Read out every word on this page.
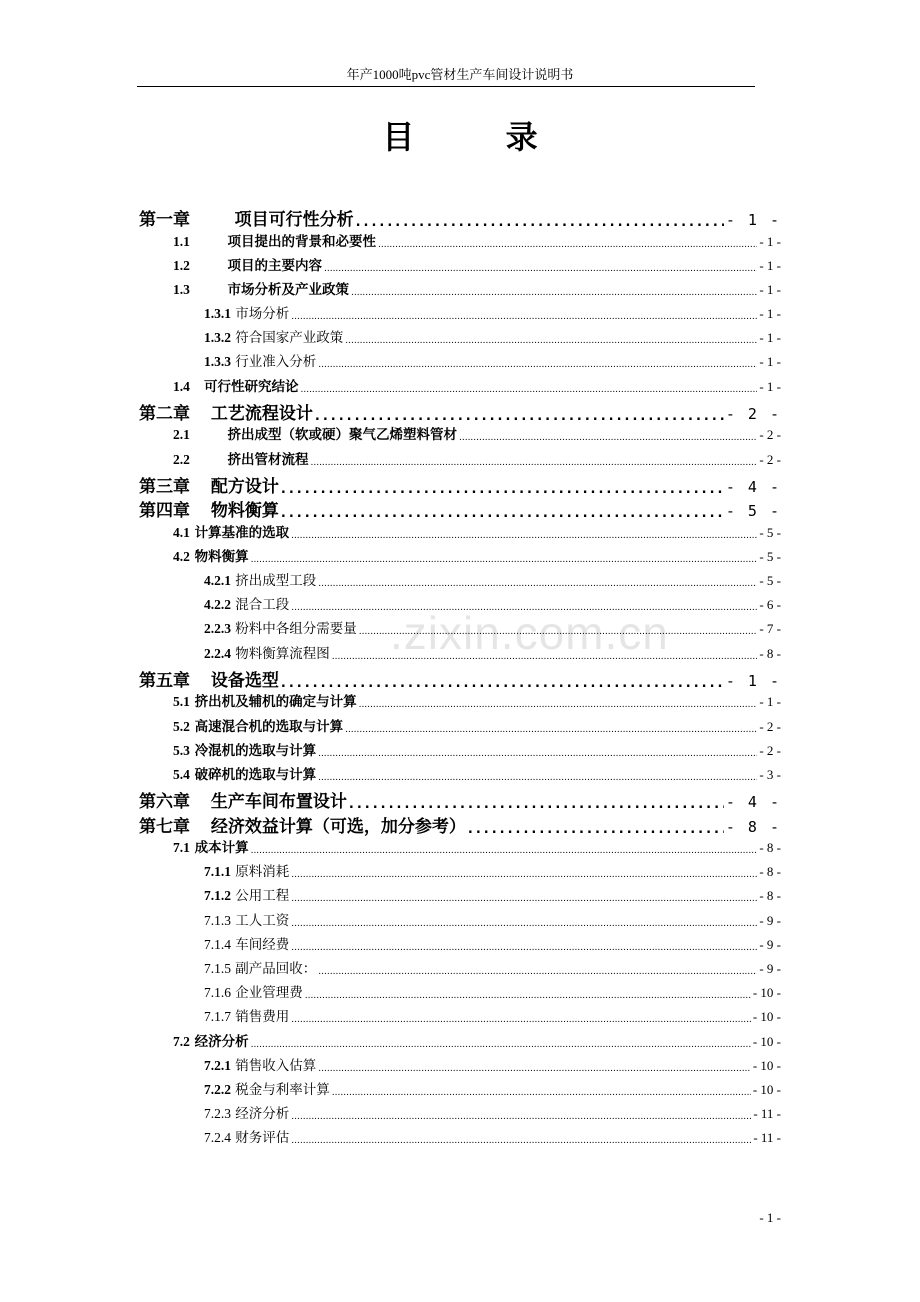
年产1000吨pvc管材生产车间设计说明书
目 录
.zixin.com.cn
第一章	项目可行性分析 .....	- 1 -
1.1	项目提出的背景和必要性 .....	- 1 -
1.2	项目的主要内容 .....	- 1 -
1.3	市场分析及产业政策 .....	- 1 -
1.3.1 市场分析 .....	- 1 -
1.3.2 符合国家产业政策 .....	- 1 -
1.3.3 行业准入分析 .....	- 1 -
1.4 可行性研究结论 .....	- 1 -
第二章 工艺流程设计 .....	- 2 -
2.1	挤出成型（软或硬）聚气乙烯塑料管材 .....	- 2 -
2.2	挤出管材流程 .....	- 2 -
第三章 配方设计 .....	- 4 -
第四章 物料衡算 .....	- 5 -
4.1 计算基准的选取 .....	- 5 -
4.2 物料衡算 .....	- 5 -
4.2.1 挤出成型工段 .....	- 5 -
4.2.2 混合工段 .....	- 6 -
2.2.3 粉料中各组分需要量 .....	- 7 -
2.2.4 物料衡算流程图 .....	- 8 -
第五章 设备选型 .....	- 1 -
5.1 挤出机及辅机的确定与计算 .....	- 1 -
5.2 高速混合机的选取与计算 .....	- 2 -
5.3 冷混机的选取与计算 .....	- 2 -
5.4 破碎机的选取与计算 .....	- 3 -
第六章 生产车间布置设计 .....	- 4 -
第七章 经济效益计算（可选，加分参考） .....	- 8 -
7.1 成本计算 .....	- 8 -
7.1.1 原料消耗 .....	- 8 -
7.1.2 公用工程 .....	- 8 -
7.1.3 工人工资 .....	- 9 -
7.1.4 车间经费 .....	- 9 -
7.1.5 副产品回收： .....	- 9 -
7.1.6 企业管理费 .....	- 10 -
7.1.7 销售费用 .....	- 10 -
7.2 经济分析 .....	- 10 -
7.2.1 销售收入估算 .....	- 10 -
7.2.2 税金与利率计算 .....	- 10 -
7.2.3 经济分析 .....	- 11 -
7.2.4 财务评估 .....	- 11 -
- 1 -
